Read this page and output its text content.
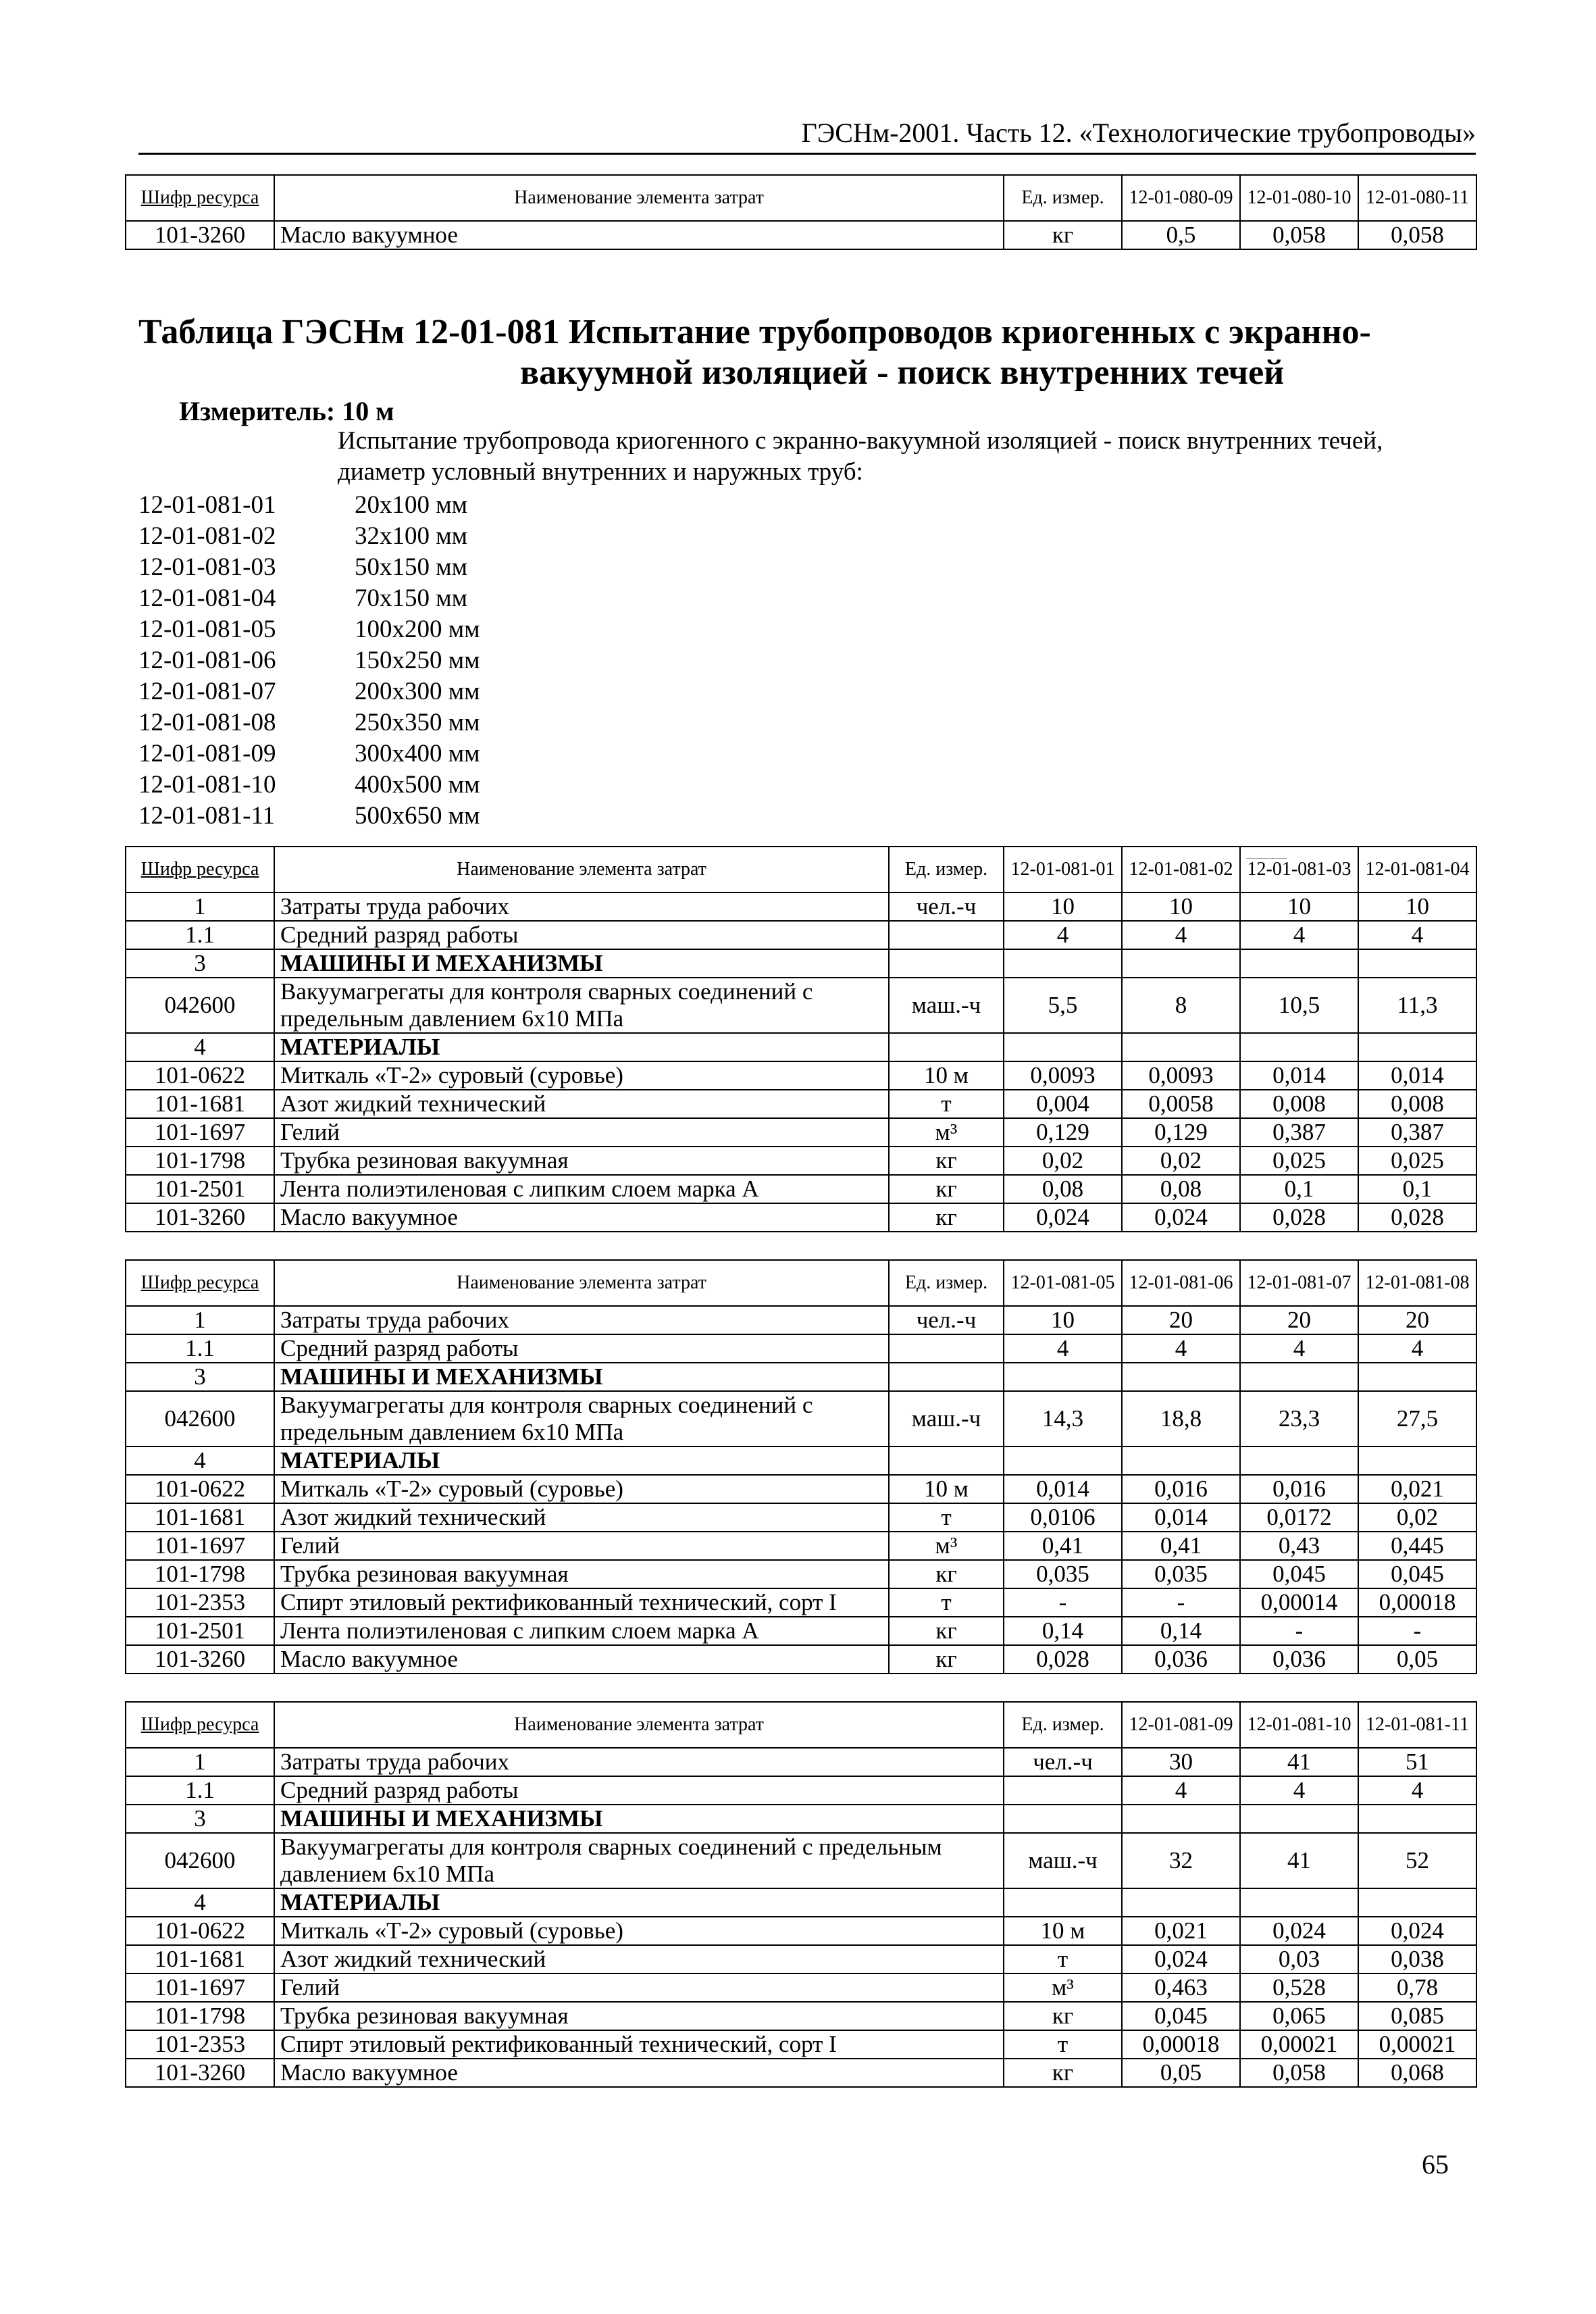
ГЭСНм-2001. Часть 12. «Технологические трубопроводы»
Шифр ресурса	Наименование элемента затрат	Ед. измер.	12-01-080-09	12-01-080-10	12-01-080-11
101-3260	Масло вакуумное	кг	0,5	0,058	0,058
Таблица ГЭСНм 12-01-081 Испытание трубопроводов криогенных с экранно-
вакуумной изоляцией - поиск внутренних течей
Измеритель: 10 м
Испытание трубопровода криогенного с экранно-вакуумной изоляцией - поиск внутренних течей, диаметр условный внутренних и наружных труб:
12-01-081-01	20x100 мм
12-01-081-02	32x100 мм
12-01-081-03	50x150 мм
12-01-081-04	70x150 мм
12-01-081-05	100x200 мм
12-01-081-06	150x250 мм
12-01-081-07	200x300 мм
12-01-081-08	250x350 мм
12-01-081-09	300x400 мм
12-01-081-10	400x500 мм
12-01-081-11	500x650 мм
Шифр ресурса	Наименование элемента затрат	Ед. измер.	12-01-081-01	12-01-081-02	12-01-081-03	12-01-081-04
1	Затраты труда рабочих	чел.-ч	10	10	10	10
1.1	Средний разряд работы		4	4	4	4
3	МАШИНЫ И МЕХАНИЗМЫ					
042600	Вакуумагрегаты для контроля сварных соединений с предельным давлением 6x10 МПа	маш.-ч	5,5	8	10,5	11,3
4	МАТЕРИАЛЫ					
101-0622	Миткаль «Т-2» суровый (суровье)	10 м	0,0093	0,0093	0,014	0,014
101-1681	Азот жидкий технический	т	0,004	0,0058	0,008	0,008
101-1697	Гелий	м³	0,129	0,129	0,387	0,387
101-1798	Трубка резиновая вакуумная	кг	0,02	0,02	0,025	0,025
101-2501	Лента полиэтиленовая с липким слоем марка А	кг	0,08	0,08	0,1	0,1
101-3260	Масло вакуумное	кг	0,024	0,024	0,028	0,028
Шифр ресурса	Наименование элемента затрат	Ед. измер.	12-01-081-05	12-01-081-06	12-01-081-07	12-01-081-08
1	Затраты труда рабочих	чел.-ч	10	20	20	20
1.1	Средний разряд работы		4	4	4	4
3	МАШИНЫ И МЕХАНИЗМЫ					
042600	Вакуумагрегаты для контроля сварных соединений с предельным давлением 6x10 МПа	маш.-ч	14,3	18,8	23,3	27,5
4	МАТЕРИАЛЫ					
101-0622	Миткаль «Т-2» суровый (суровье)	10 м	0,014	0,016	0,016	0,021
101-1681	Азот жидкий технический	т	0,0106	0,014	0,0172	0,02
101-1697	Гелий	м³	0,41	0,41	0,43	0,445
101-1798	Трубка резиновая вакуумная	кг	0,035	0,035	0,045	0,045
101-2353	Спирт этиловый ректификованный технический, сорт I	т	-	-	0,00014	0,00018
101-2501	Лента полиэтиленовая с липким слоем марка А	кг	0,14	0,14	-	-
101-3260	Масло вакуумное	кг	0,028	0,036	0,036	0,05
Шифр ресурса	Наименование элемента затрат	Ед. измер.	12-01-081-09	12-01-081-10	12-01-081-11
1	Затраты труда рабочих	чел.-ч	30	41	51
1.1	Средний разряд работы		4	4	4
3	МАШИНЫ И МЕХАНИЗМЫ				
042600	Вакуумагрегаты для контроля сварных соединений с предельным давлением 6x10 МПа	маш.-ч	32	41	52
4	МАТЕРИАЛЫ				
101-0622	Миткаль «Т-2» суровый (суровье)	10 м	0,021	0,024	0,024
101-1681	Азот жидкий технический	т	0,024	0,03	0,038
101-1697	Гелий	м³	0,463	0,528	0,78
101-1798	Трубка резиновая вакуумная	кг	0,045	0,065	0,085
101-2353	Спирт этиловый ректификованный технический, сорт I	т	0,00018	0,00021	0,00021
101-3260	Масло вакуумное	кг	0,05	0,058	0,068
65
